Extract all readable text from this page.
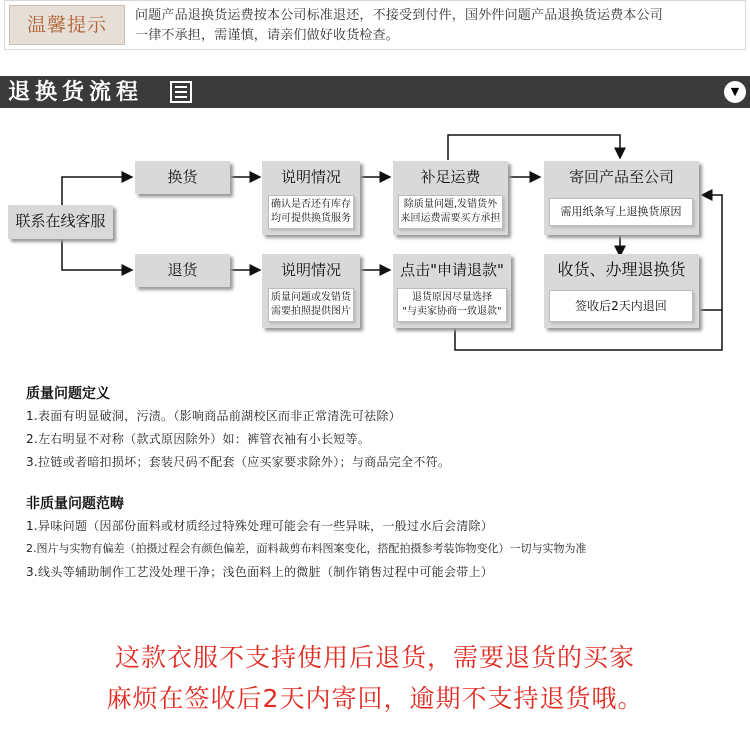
温馨提示	问题产品退换货运费按本公司标准退还，不接受到付件，国外件问题产品退换货运费本公司
一律不承担，需谨慎，请亲们做好收货检查。
退换货流程	▼
联系在线客服
换货
退货
说明情况
确认是否还有库存
均可提供换货服务
说明情况
质量问题或发错货
需要拍照提供图片
补足运费
除质量问题,发错货外
来回运费需要买方承担
点击"申请退款"
退货原因尽量选择
"与卖家协商一致退款"
寄回产品至公司
需用纸条写上退换货原因
收货、办理退换货
签收后2天内退回
质量问题定义
1.表面有明显破洞，污渍。（影响商品前湖校区而非正常清洗可祛除）
2.左右明显不对称（款式原因除外）如：裤管衣袖有小长短等。
3.拉链或者暗扣损坏；套装尺码不配套（应买家要求除外）；与商品完全不符。
非质量问题范畴
1.异味问题（因部份面料或材质经过特殊处理可能会有一些异味，一般过水后会清除）
2.图片与实物有偏差（拍摄过程会有颜色偏差，面料裁剪布料图案变化，搭配拍摄参考装饰物变化）一切与实物为准
3.线头等辅助制作工艺没处理干净；浅色面料上的微脏（制作销售过程中可能会带上）
这款衣服不支持使用后退货，需要退货的买家
麻烦在签收后2天内寄回，逾期不支持退货哦。
